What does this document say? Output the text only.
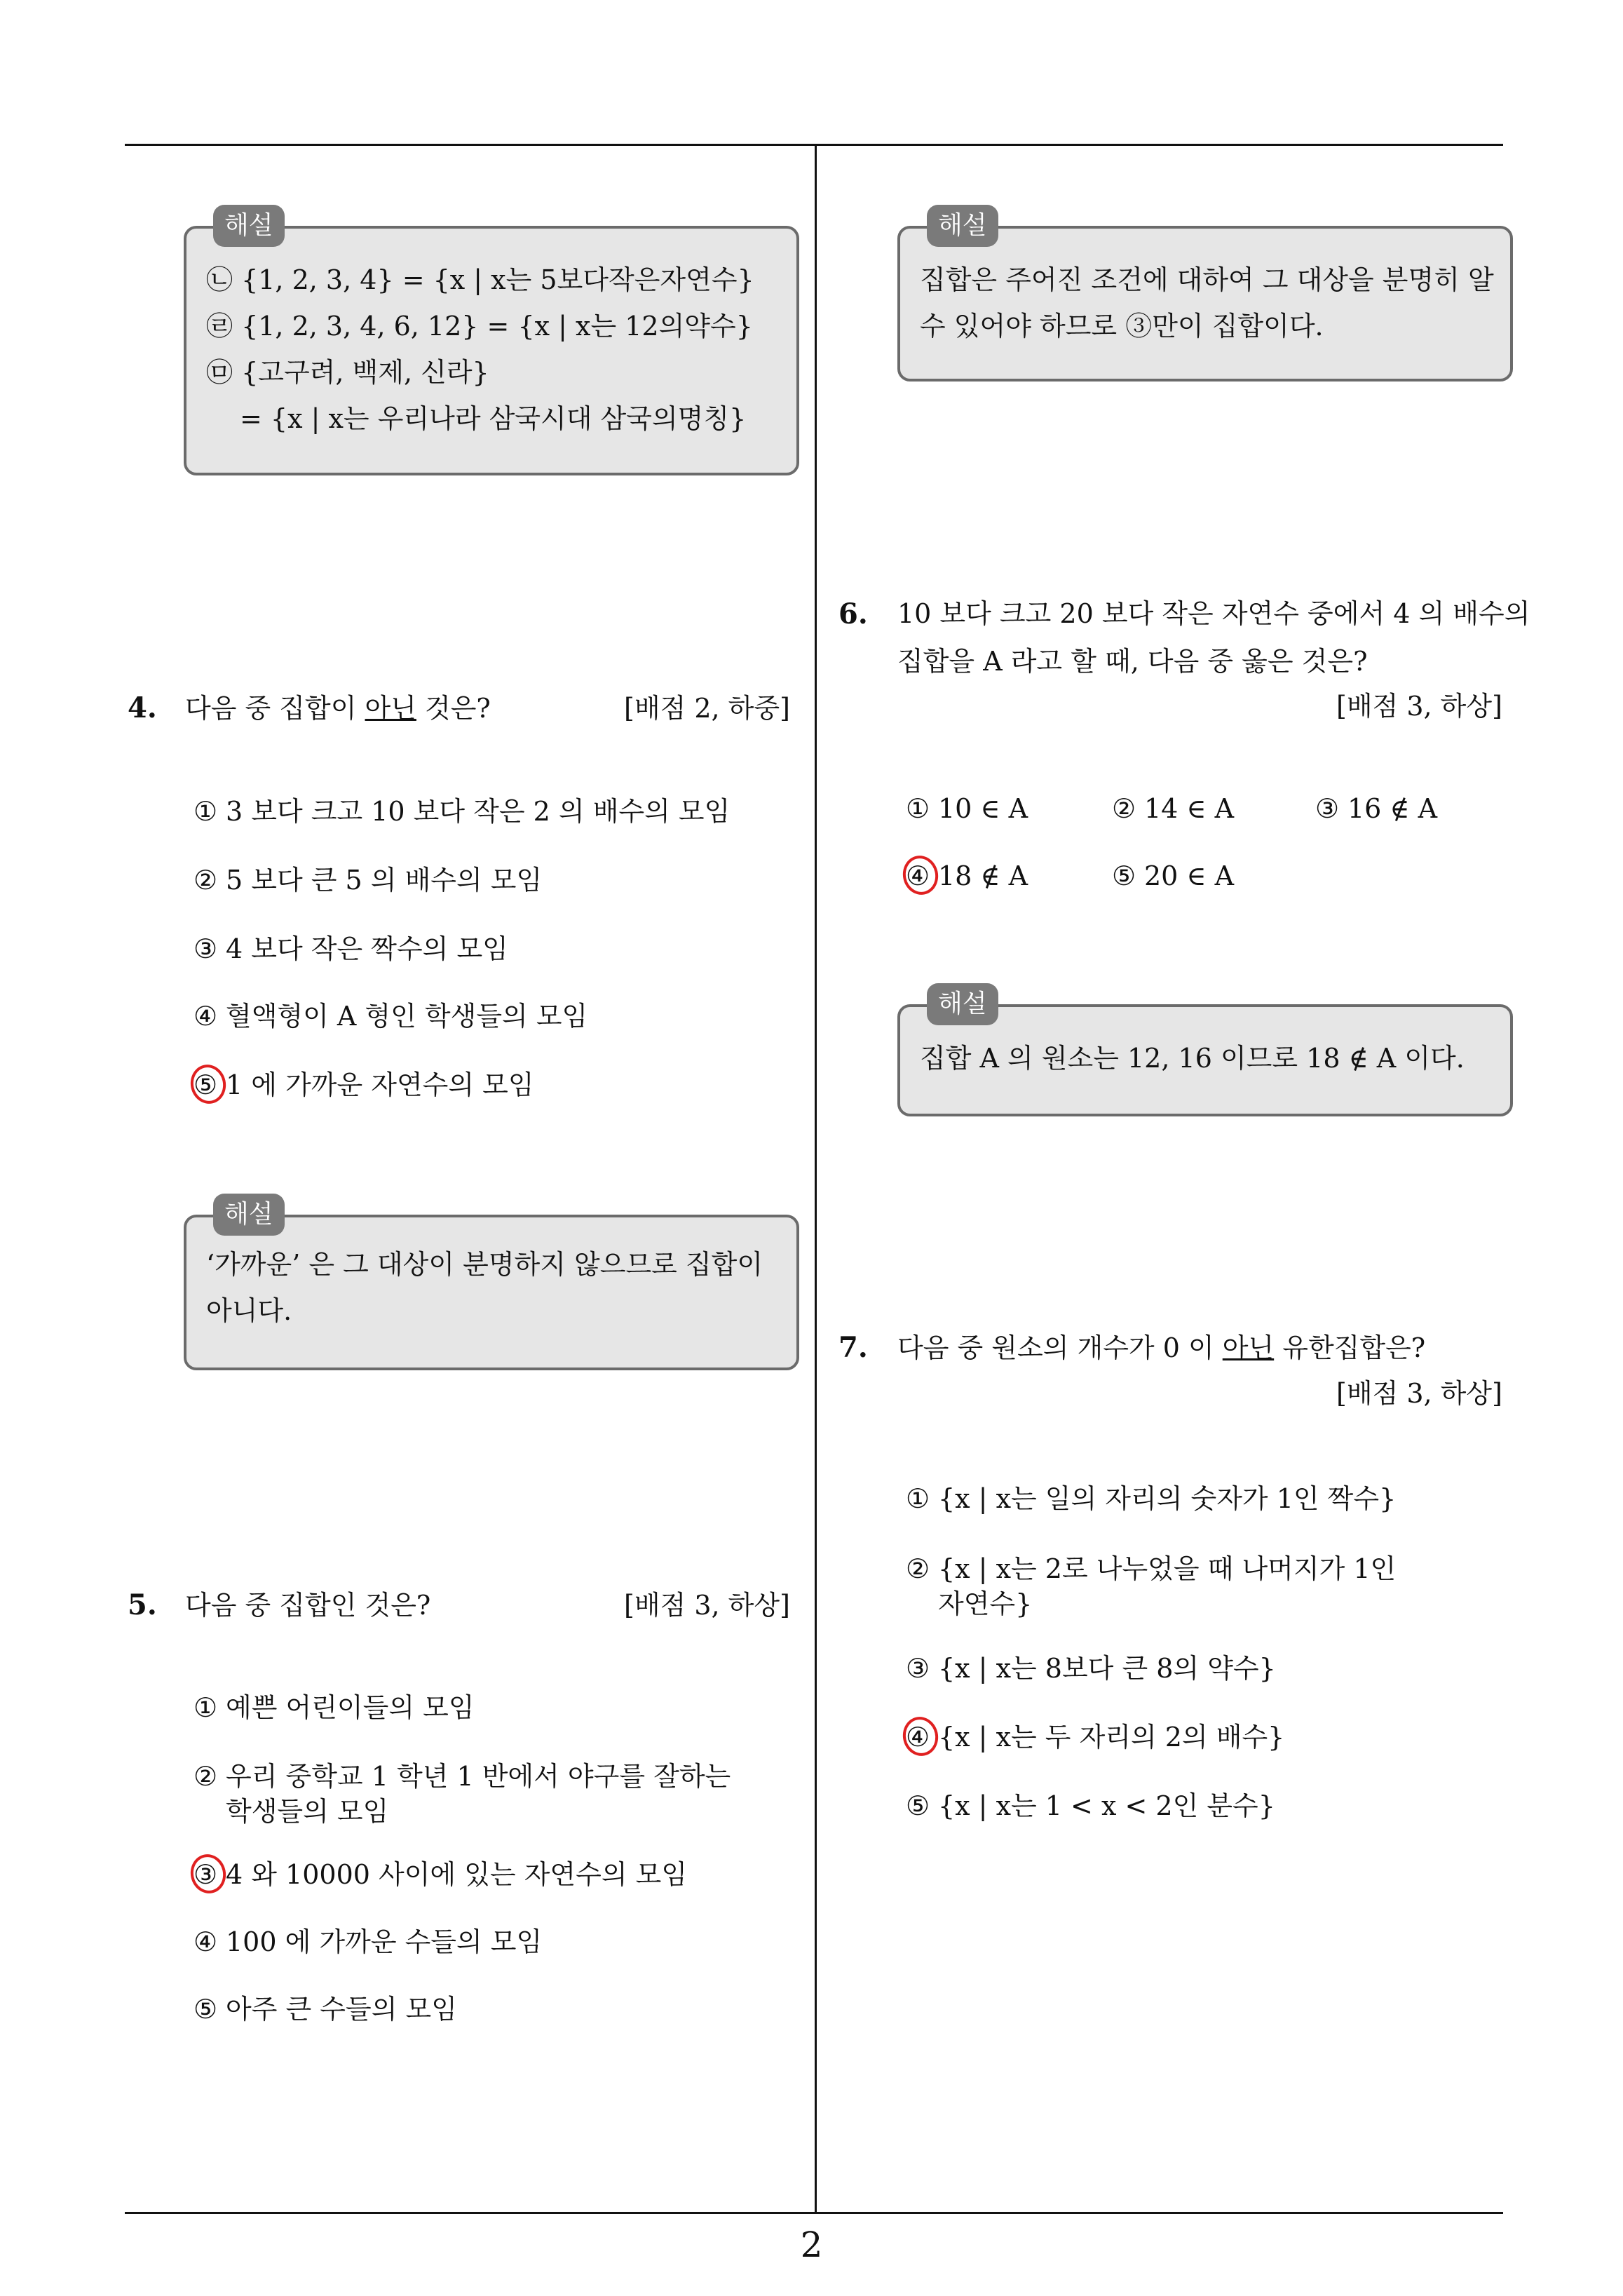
해설
㉡ {1, 2, 3, 4} = {x | x는 5보다작은자연수}
㉣ {1, 2, 3, 4, 6, 12} = {x | x는 12의약수}
㉤ {고구려, 백제, 신라}
= {x | x는 우리나라 삼국시대 삼국의명칭}
4. 다음 중 집합이 아닌 것은?	[배점 2, 하중]
① 3 보다 크고 10 보다 작은 2 의 배수의 모임
② 5 보다 큰 5 의 배수의 모임
③ 4 보다 작은 짝수의 모임
④ 혈액형이 A 형인 학생들의 모임
⑤ 1 에 가까운 자연수의 모임
해설
‘가까운’ 은 그 대상이 분명하지 않으므로 집합이
아니다.
5. 다음 중 집합인 것은?	[배점 3, 하상]
① 예쁜 어린이들의 모임
② 우리 중학교 1 학년 1 반에서 야구를 잘하는
학생들의 모임
③ 4 와 10000 사이에 있는 자연수의 모임
④ 100 에 가까운 수들의 모임
⑤ 아주 큰 수들의 모임
해설
집합은 주어진 조건에 대하여 그 대상을 분명히 알
수 있어야 하므로 ③만이 집합이다.
6. 10 보다 크고 20 보다 작은 자연수 중에서 4 의 배수의
집합을 A 라고 할 때, 다음 중 옳은 것은?
[배점 3, 하상]
① 10 ∈ A	② 14 ∈ A	③ 16 ∉ A
④ 18 ∉ A	⑤ 20 ∈ A
해설
집합 A 의 원소는 12, 16 이므로 18 ∉ A 이다.
7. 다음 중 원소의 개수가 0 이 아닌 유한집합은?
[배점 3, 하상]
① {x | x는 일의 자리의 숫자가 1인 짝수}
② {x | x는 2로 나누었을 때 나머지가 1인
자연수}
③ {x | x는 8보다 큰 8의 약수}
④ {x | x는 두 자리의 2의 배수}
⑤ {x | x는 1 < x < 2인 분수}
2
